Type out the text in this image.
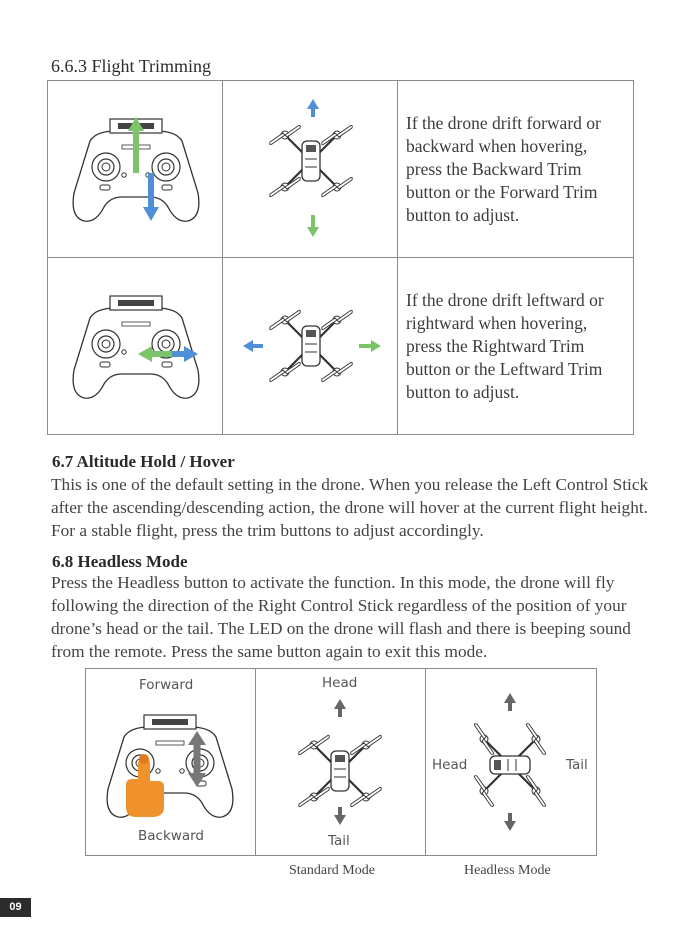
6.6.3 Flight Trimming

If the drone drift forward or backward when hovering, press the Backward Trim button or the Forward Trim button to adjust.

If the drone drift leftward or rightward when hovering, press the Rightward Trim button or the Leftward Trim button to adjust.
6.7 Altitude Hold / Hover
This is one of the default setting in the drone. When you release the Left Control Stick after the ascending/descending action, the drone will hover at the current flight height. For a stable flight, press the trim buttons to adjust accordingly.
6.8 Headless Mode
Press the Headless button to activate the function. In this mode, the drone will fly following the direction of the Right Control Stick regardless of the position of your drone’s head or the tail. The LED on the drone will flash and there is beeping sound from the remote. Press the same button again to exit this mode.
Forward
Backward

Head
Tail

Head	Tail
Standard Mode	Headless Mode
09
